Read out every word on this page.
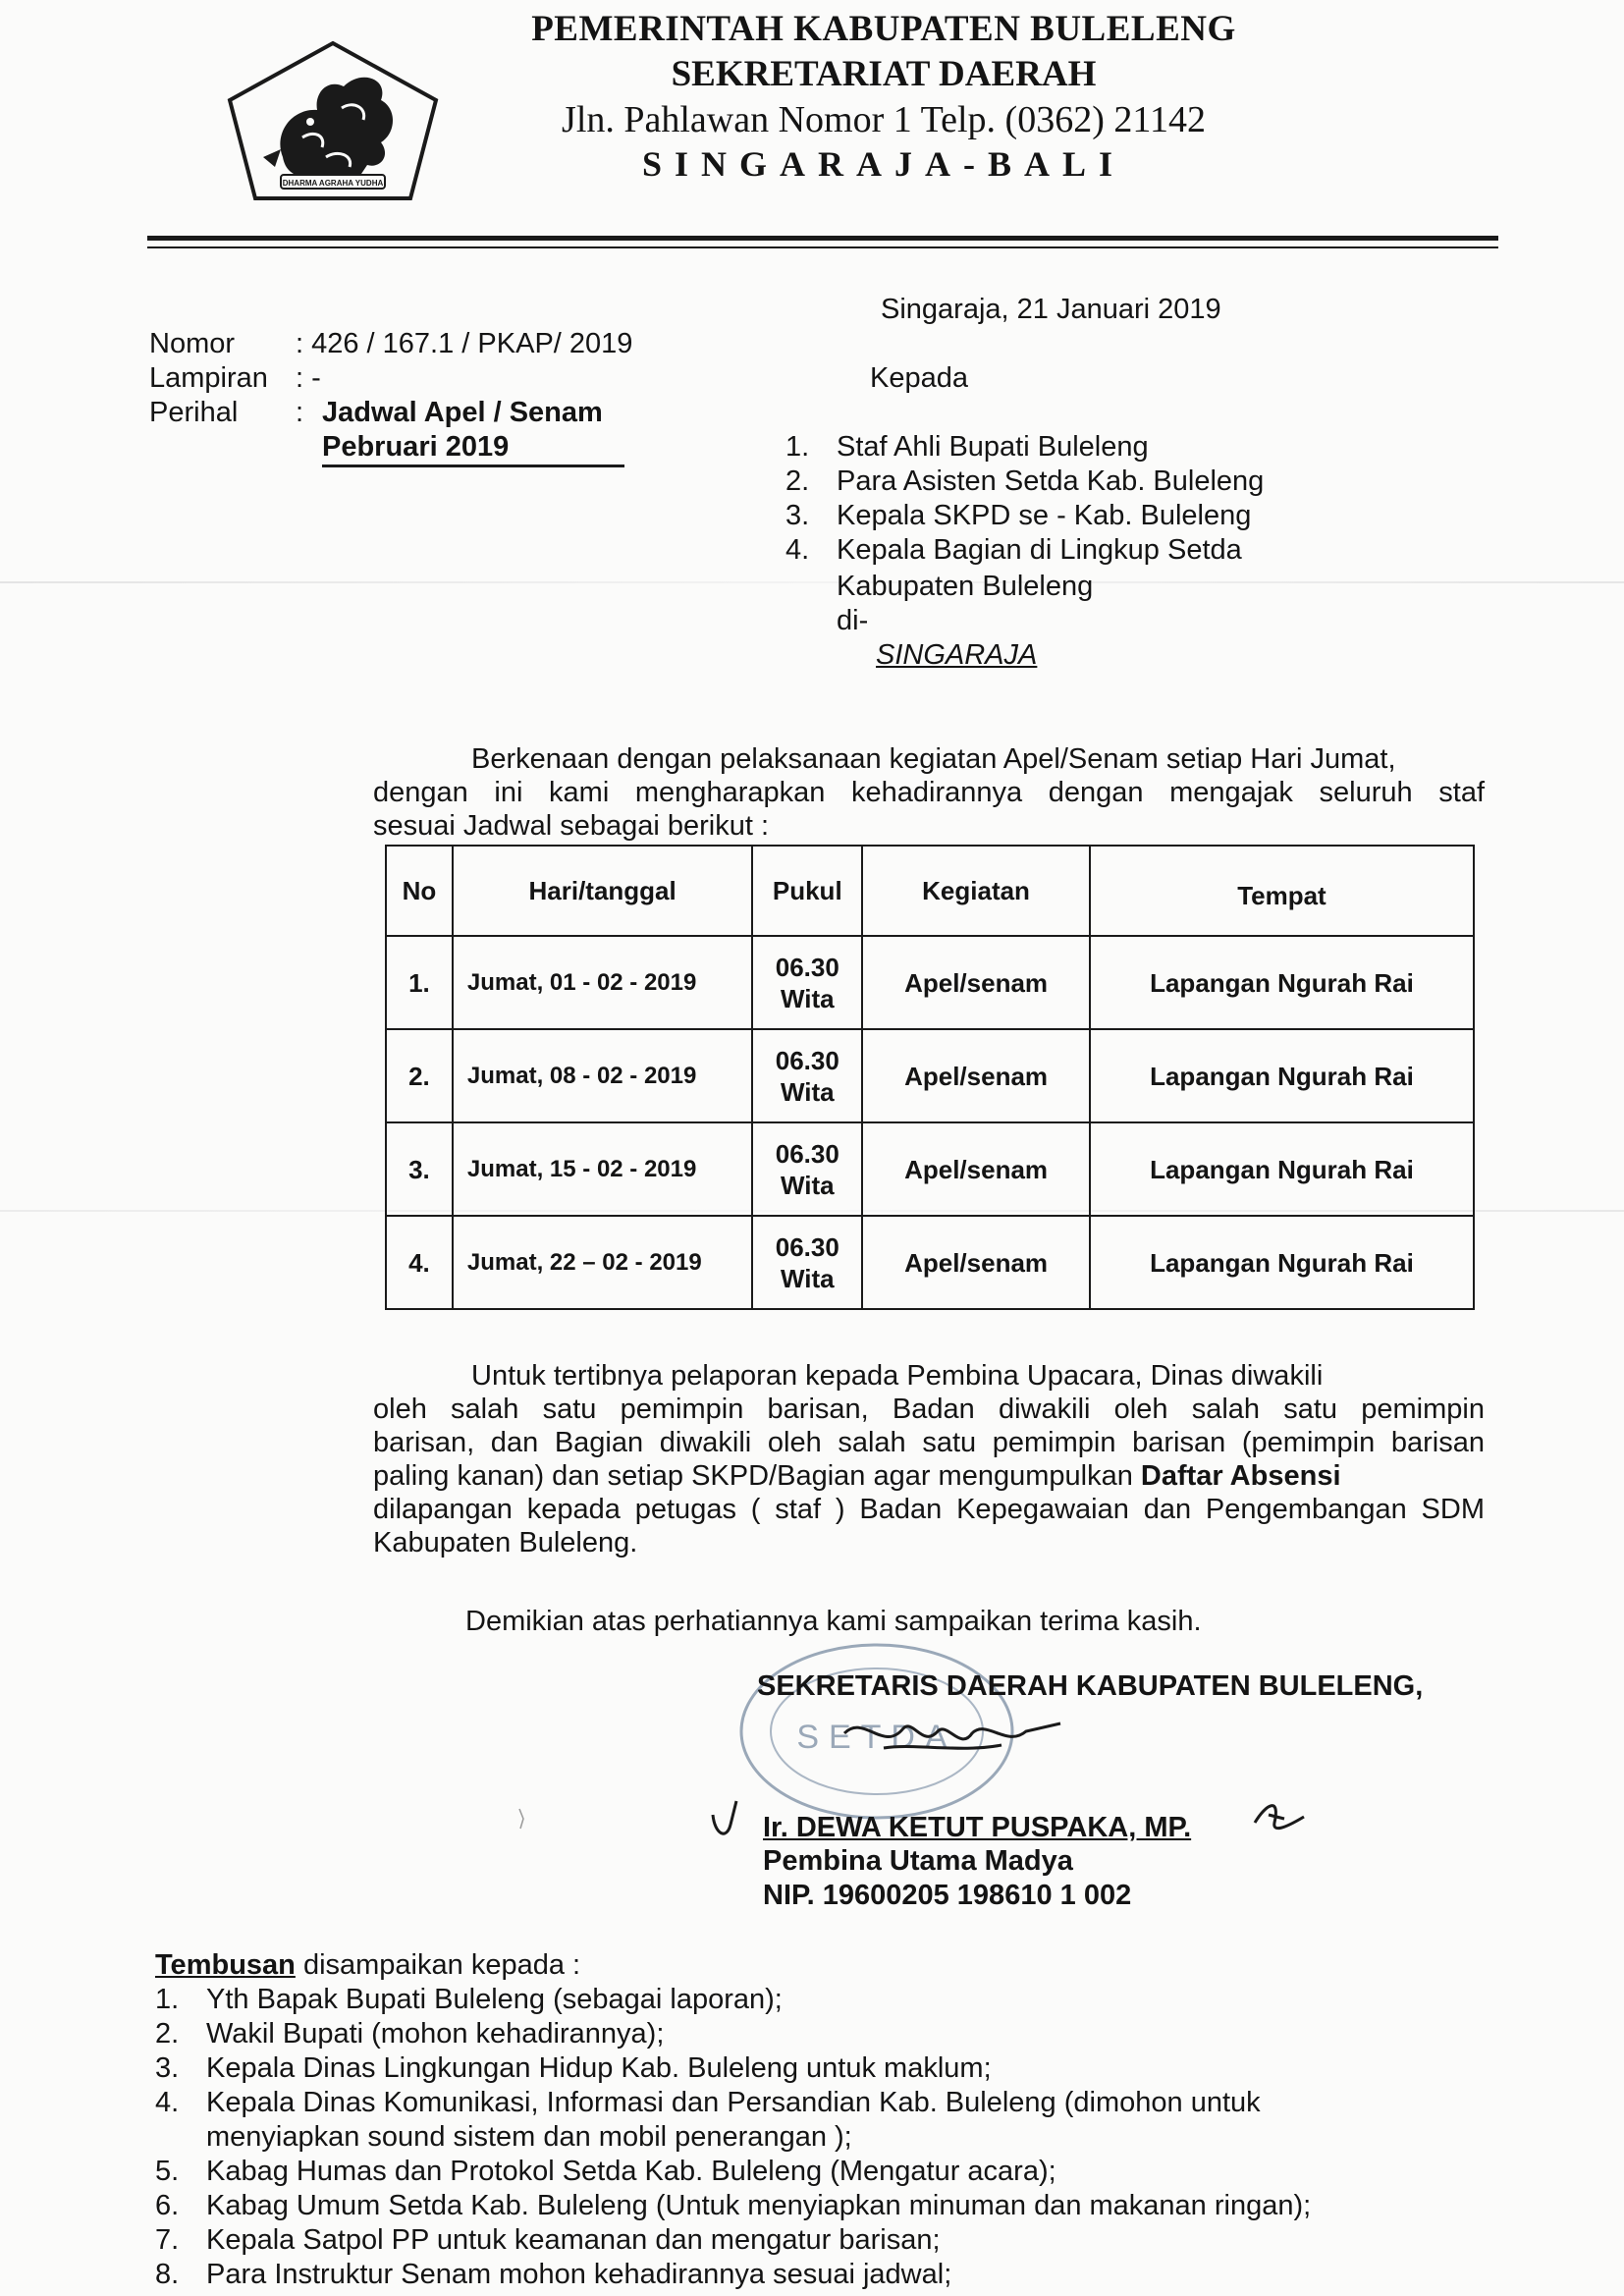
DHARMA AGRAHA YUDHA
PEMERINTAH KABUPATEN BULELENG
SEKRETARIAT DAERAH
Jln. Pahlawan Nomor 1 Telp. (0362) 21142
SINGARAJA-BALI
Singaraja, 21 Januari 2019
Nomor : 426 / 167.1 / PKAP/ 2019
Lampiran : -
Perihal : Jadwal Apel / Senam
Pebruari 2019
Kepada
1. Staf Ahli Bupati Buleleng
2. Para Asisten Setda Kab. Buleleng
3. Kepala SKPD se - Kab. Buleleng
4. Kepala Bagian di Lingkup Setda
Kabupaten Buleleng
di-
SINGARAJA
Berkenaan dengan pelaksanaan kegiatan Apel/Senam setiap Hari Jumat,
dengan ini kami mengharapkan kehadirannya dengan mengajak seluruh staf
sesuai Jadwal sebagai berikut :
No	Hari/tanggal	Pukul	Kegiatan	Tempat
1.	Jumat, 01 - 02 - 2019	06.30
Wita	Apel/senam	Lapangan Ngurah Rai
2.	Jumat, 08 - 02 - 2019	06.30
Wita	Apel/senam	Lapangan Ngurah Rai
3.	Jumat, 15 - 02 - 2019	06.30
Wita	Apel/senam	Lapangan Ngurah Rai
4.	Jumat, 22 – 02 - 2019	06.30
Wita	Apel/senam	Lapangan Ngurah Rai
Untuk tertibnya pelaporan kepada Pembina Upacara, Dinas diwakili
oleh salah satu pemimpin barisan, Badan diwakili oleh salah satu pemimpin
barisan, dan Bagian diwakili oleh salah satu pemimpin barisan (pemimpin barisan
paling kanan) dan setiap SKPD/Bagian agar mengumpulkan Daftar Absensi
dilapangan kepada petugas ( staf ) Badan Kepegawaian dan Pengembangan SDM
Kabupaten Buleleng.
Demikian atas perhatiannya kami sampaikan terima kasih.
SETDA
SEKRETARIS DAERAH KABUPATEN BULELENG,
Ir. DEWA KETUT PUSPAKA, MP.
Pembina Utama Madya
NIP. 19600205 198610 1 002
Tembusan disampaikan kepada :
1. Yth Bapak Bupati Buleleng (sebagai laporan);
2. Wakil Bupati (mohon kehadirannya);
3. Kepala Dinas Lingkungan Hidup Kab. Buleleng untuk maklum;
4. Kepala Dinas Komunikasi, Informasi dan Persandian Kab. Buleleng (dimohon untuk
menyiapkan sound sistem dan mobil penerangan );
5. Kabag Humas dan Protokol Setda Kab. Buleleng (Mengatur acara);
6. Kabag Umum Setda Kab. Buleleng (Untuk menyiapkan minuman dan makanan ringan);
7. Kepala Satpol PP untuk keamanan dan mengatur barisan;
8. Para Instruktur Senam mohon kehadirannya sesuai jadwal;
